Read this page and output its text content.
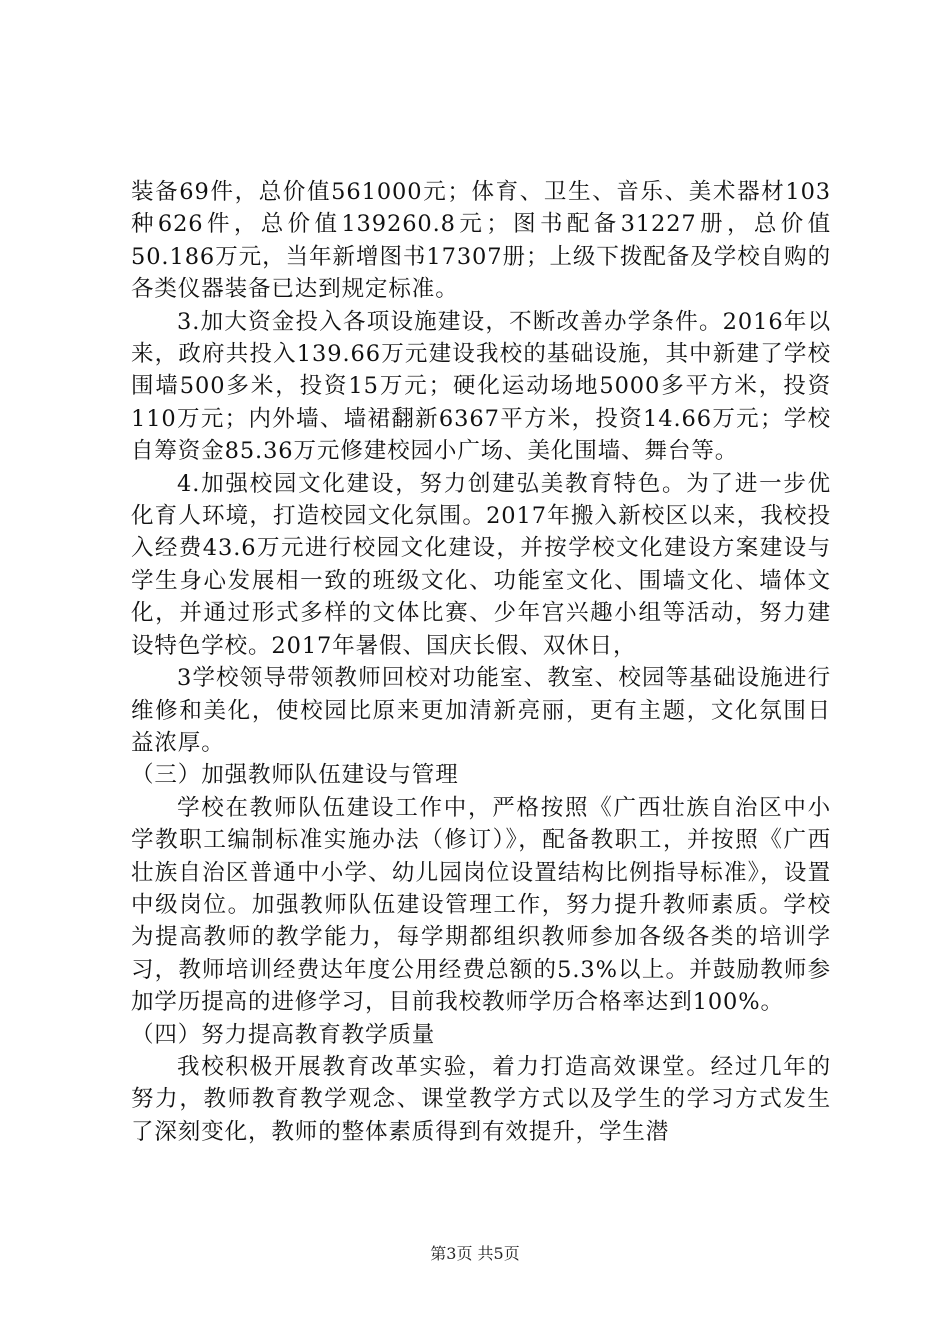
装备69件，总价值561000元；体育、卫生、音乐、美术器材103种626件，总价值139260.8元；图书配备31227册，总价值50.186万元，当年新增图书17307册；上级下拨配备及学校自购的各类仪器装备已达到规定标准。

3.加大资金投入各项设施建设，不断改善办学条件。2016年以来，政府共投入139.66万元建设我校的基础设施，其中新建了学校围墙500多米，投资15万元；硬化运动场地5000多平方米，投资110万元；内外墙、墙裙翻新6367平方米，投资14.66万元；学校自筹资金85.36万元修建校园小广场、美化围墙、舞台等。

4.加强校园文化建设，努力创建弘美教育特色。为了进一步优化育人环境，打造校园文化氛围。2017年搬入新校区以来，我校投入经费43.6万元进行校园文化建设，并按学校文化建设方案建设与学生身心发展相一致的班级文化、功能室文化、围墙文化、墙体文化，并通过形式多样的文体比赛、少年宫兴趣小组等活动，努力建设特色学校。2017年暑假、国庆长假、双休日，

3学校领导带领教师回校对功能室、教室、校园等基础设施进行维修和美化，使校园比原来更加清新亮丽，更有主题，文化氛围日益浓厚。

（三）加强教师队伍建设与管理

学校在教师队伍建设工作中，严格按照《广西壮族自治区中小学教职工编制标准实施办法（修订）》，配备教职工，并按照《广西壮族自治区普通中小学、幼儿园岗位设置结构比例指导标准》，设置中级岗位。加强教师队伍建设管理工作，努力提升教师素质。学校为提高教师的教学能力，每学期都组织教师参加各级各类的培训学习，教师培训经费达年度公用经费总额的5.3%以上。并鼓励教师参加学历提高的进修学习，目前我校教师学历合格率达到100%。

（四）努力提高教育教学质量

我校积极开展教育改革实验，着力打造高效课堂。经过几年的努力，教师教育教学观念、课堂教学方式以及学生的学习方式发生了深刻变化，教师的整体素质得到有效提升，学生潜

第3页 共5页
